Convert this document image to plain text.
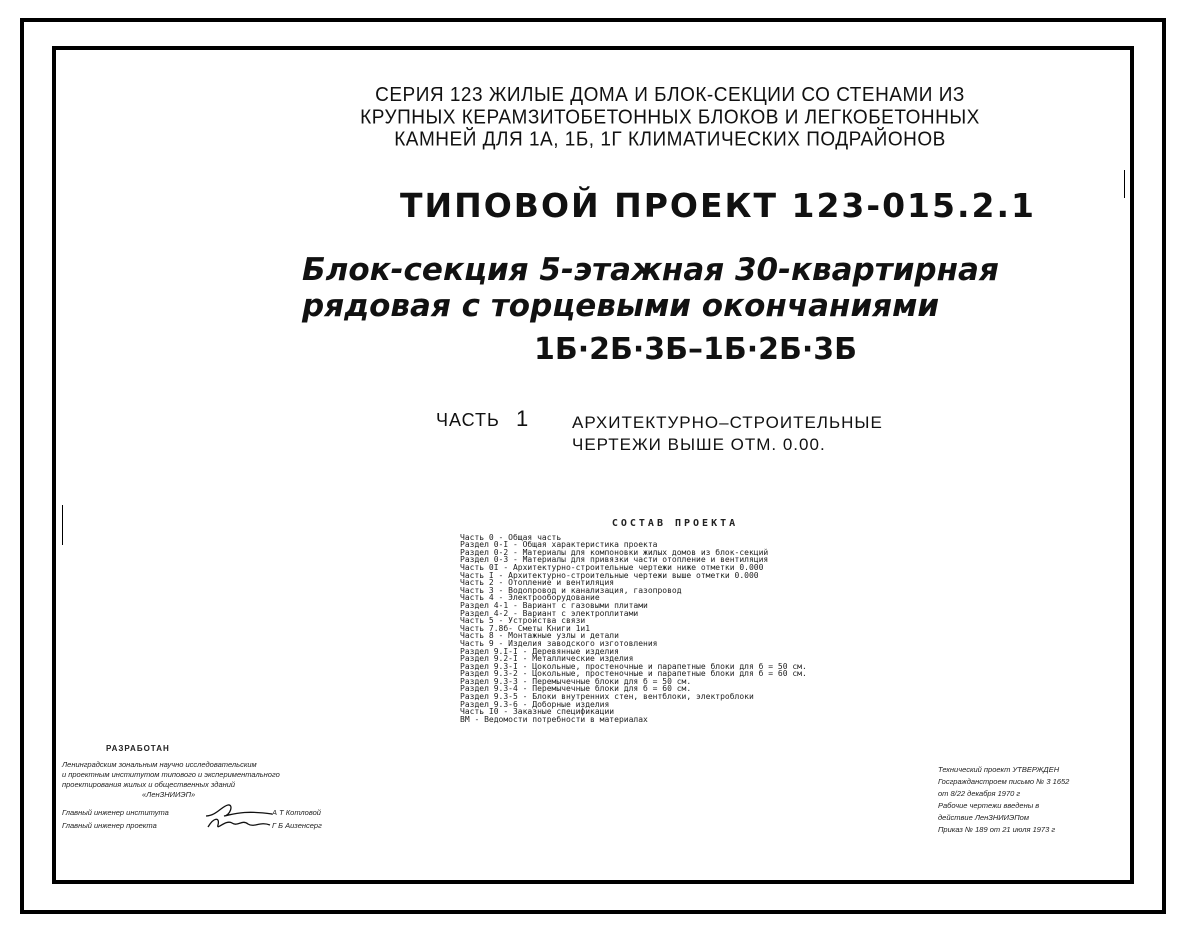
СЕРИЯ 123 ЖИЛЫЕ ДОМА И БЛОК-СЕКЦИИ СО СТЕНАМИ ИЗ
КРУПНЫХ КЕРАМЗИТОБЕТОННЫХ БЛОКОВ И ЛЕГКОБЕТОННЫХ
КАМНЕЙ ДЛЯ 1А, 1Б, 1Г КЛИМАТИЧЕСКИХ ПОДРАЙОНОВ
ТИПОВОЙ ПРОЕКТ 123-015.2.1
Блок-секция 5-этажная 30-квартирная
рядовая с торцевыми окончаниями
1Б·2Б·3Б–1Б·2Б·3Б
ЧАСТЬ 1	АРХИТЕКТУРНО–СТРОИТЕЛЬНЫЕ
ЧЕРТЕЖИ ВЫШЕ ОТМ. 0.00.
СОСТАВ ПРОЕКТА
Часть 0 - Общая часть
Раздел 0-I - Общая характеристика проекта
Раздел 0-2 - Материалы для компоновки жилых домов из блок-секций
Раздел 0-3 - Материалы для привязки части отопление и вентиляция
Часть 0I - Архитектурно-строительные чертежи ниже отметки 0.000
Часть I - Архитектурно-строительные чертежи выше отметки 0.000
Часть 2 - Отопление и вентиляция
Часть 3 - Водопровод и канализация, газопровод
Часть 4 - Электрооборудование
Раздел 4-1 - Вариант с газовыми плитами
Раздел 4-2 - Вариант с электроплитами
Часть 5 - Устройства связи
Часть 7.8б- Сметы Книги 1и1
Часть 8 - Монтажные узлы и детали
Часть 9 - Изделия заводского изготовления
Раздел 9.I-I - Деревянные изделия
Раздел 9.2-I - Металлические изделия
Раздел 9.3-I - Цокольные, простеночные и парапетные блоки для б = 50 см.
Раздел 9.3-2 - Цокольные, простеночные и парапетные блоки для б = 60 см.
Раздел 9.3-3 - Перемычечные блоки для б = 50 см.
Раздел 9.3-4 - Перемычечные блоки для б = 60 см.
Раздел 9.3-5 - Блоки внутренних стен, вентблоки, электроблоки
Раздел 9.3-6 - Доборные изделия
Часть I0 - Заказные спецификации
ВМ - Ведомости потребности в материалах
РАЗРАБОТАН
Ленинградским зональным научно исследовательским
и проектным институтом типового и экспериментального
проектирования жилых и общественных зданий
«ЛенЗНИИЭП»
Главный инженер института	А Т Котловой
Главный инженер проекта	Г Б Аизенсерг
Технический проект УТВЕРЖДЕН
Госгражданстроем письмо № 3 1652
от 8/22 декабря 1970 г
Рабочие чертежи введены в
действие ЛенЗНИИЭПом
Приказ № 189 от 21 июля 1973 г
